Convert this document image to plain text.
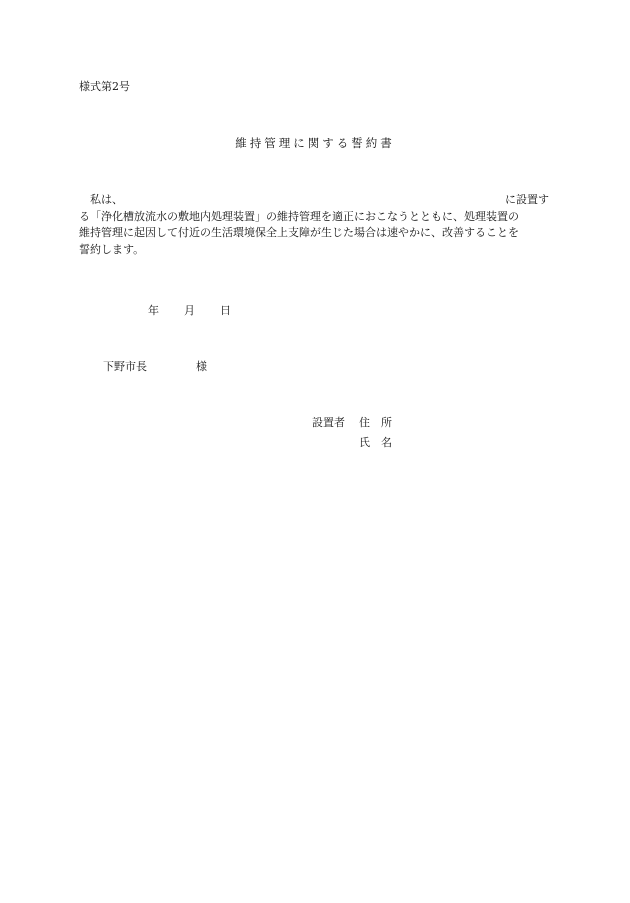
様式第2号
維持管理に関する誓約書
私は、	に設置す
る「浄化槽放流水の敷地内処理装置」の維持管理を適正におこなうとともに、処理装置の
維持管理に起因して付近の生活環境保全上支障が生じた場合は速やかに、改善することを
誓約します。
年 月 日
下野市長	様
設置者 住　所
氏　名
